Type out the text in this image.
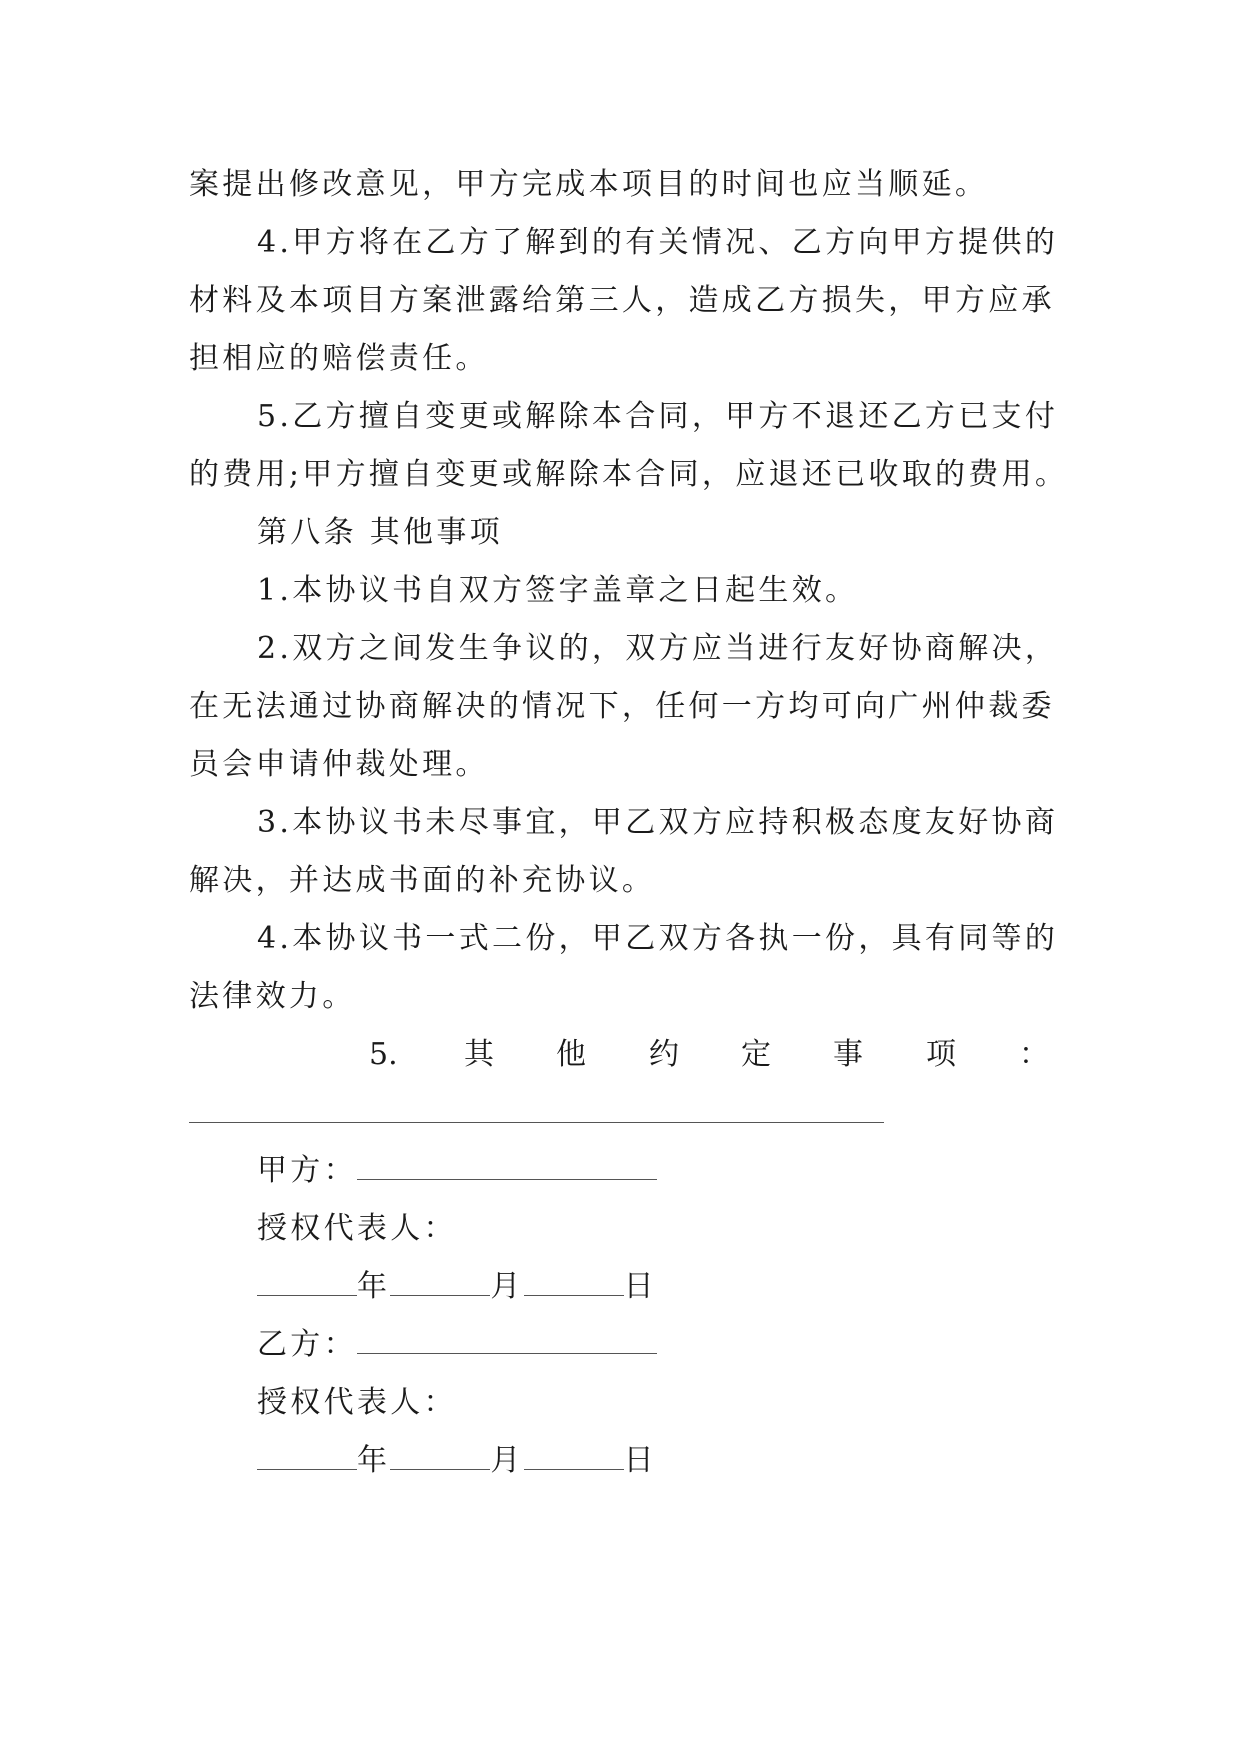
案提出修改意见，甲方完成本项目的时间也应当顺延。
4.甲方将在乙方了解到的有关情况、乙方向甲方提供的
材料及本项目方案泄露给第三人，造成乙方损失，甲方应承
担相应的赔偿责任。
5.乙方擅自变更或解除本合同，甲方不退还乙方已支付
的费用;甲方擅自变更或解除本合同，应退还已收取的费用。
第八条 其他事项
1.本协议书自双方签字盖章之日起生效。
2.双方之间发生争议的，双方应当进行友好协商解决，
在无法通过协商解决的情况下，任何一方均可向广州仲裁委
员会申请仲裁处理。
3.本协议书未尽事宜，甲乙双方应持积极态度友好协商
解决，并达成书面的补充协议。
4.本协议书一式二份，甲乙双方各执一份，具有同等的
法律效力。
5. 其 他 约 定 事 项 ：
甲方：
授权代表人：
年	月	日
乙方：
授权代表人：
年	月	日
